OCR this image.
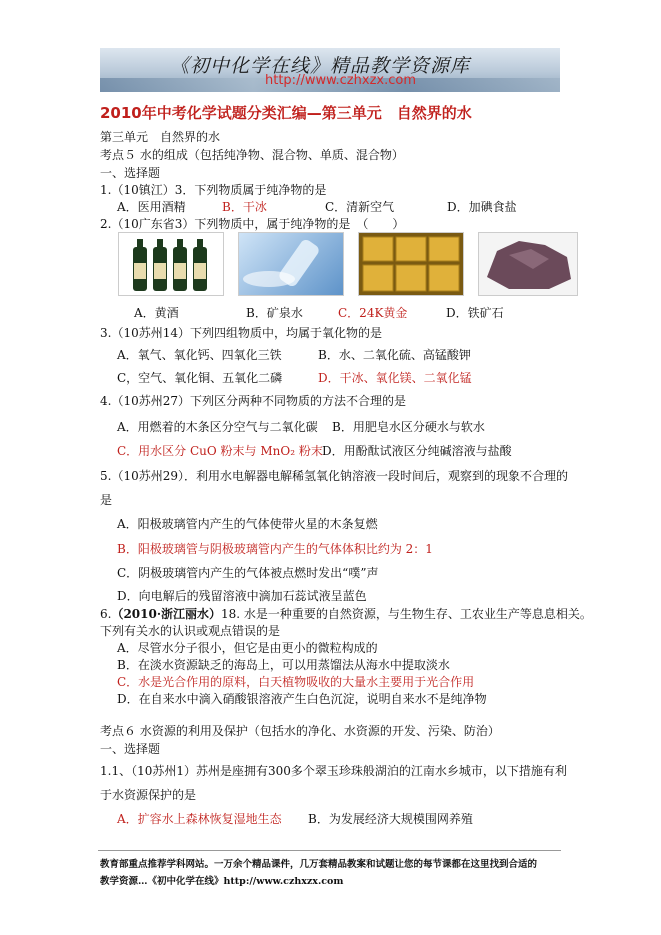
《初中化学在线》精品教学资源库
http://www.czhxzx.com
2010年中考化学试题分类汇编—第三单元　自然界的水
第三单元　自然界的水
考点５ 水的组成（包括纯净物、混合物、单质、混合物）
一、选择题
1.（10镇江）3．下列物质属于纯净物的是
A．医用酒精	B．干冰	C．清新空气	D．加碘食盐
2.（10广东省3）下列物质中，属于纯净物的是　（　　）
A．黄酒	B．矿泉水	C．24K黄金	D．铁矿石
3.（10苏州14）下列四组物质中，均属于氧化物的是
A．氧气、氧化钙、四氧化三铁	B．水、二氧化硫、高锰酸钾
C，空气、氧化铜、五氧化二磷	D．干冰、氧化镁、二氧化锰
4.（10苏州27）下列区分两种不同物质的方法不合理的是
A．用燃着的木条区分空气与二氧化碳 B．用肥皂水区分硬水与软水
C．用水区分 CuO 粉末与 MnO₂ 粉末 D．用酚酞试液区分纯碱溶液与盐酸
5.（10苏州29）．利用水电解器电解稀氢氧化钠溶液一段时间后，观察到的现象不合理的
是
A．阳极玻璃管内产生的气体使带火星的木条复燃
B．阳极玻璃管与阴极玻璃管内产生的气体体积比约为 2：1
C．阴极玻璃管内产生的气体被点燃时发出“噗”声
D．向电解后的残留溶液中滴加石蕊试液呈蓝色
6.（2010·浙江丽水）18. 水是一种重要的自然资源，与生物生存、工农业生产等息息相关。
下列有关水的认识或观点错误的是
A．尽管水分子很小，但它是由更小的微粒构成的
B．在淡水资源缺乏的海岛上，可以用蒸馏法从海水中提取淡水
C．水是光合作用的原料，白天植物吸收的大量水主要用于光合作用
D．在自来水中滴入硝酸银溶液产生白色沉淀，说明自来水不是纯净物
考点６ 水资源的利用及保护（包括水的净化、水资源的开发、污染、防治）
一、选择题
1.1、（10苏州1）苏州是座拥有300多个翠玉珍珠般湖泊的江南水乡城市，以下措施有利
于水资源保护的是
A．扩容水上森林恢复湿地生态 B．为发展经济大规模围网养殖
教育部重点推荐学科网站。一万余个精品课件，几万套精品教案和试题让您的每节课都在这里找到合适的
教学资源…《初中化学在线》http://www.czhxzx.com
